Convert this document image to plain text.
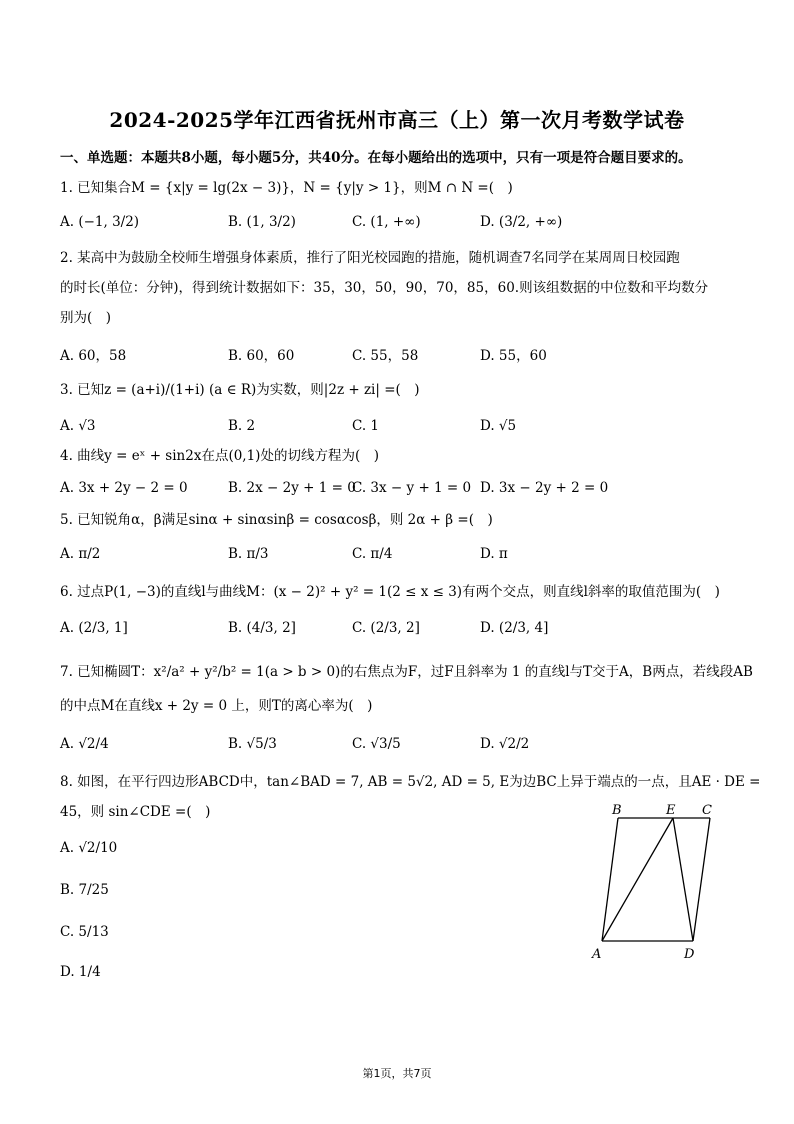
2024-2025学年江西省抚州市高三（上）第一次月考数学试卷
一、单选题：本题共8小题，每小题5分，共40分。在每小题给出的选项中，只有一项是符合题目要求的。
1. 已知集合M = {x|y = lg(2x − 3)}，N = {y|y > 1}，则M ∩ N =(　)
A. (−1, 3/2)	B. (1, 3/2)	C. (1, +∞)	D. (3/2, +∞)
2. 某高中为鼓励全校师生增强身体素质，推行了阳光校园跑的措施，随机调查7名同学在某周周日校园跑
的时长(单位：分钟)，得到统计数据如下：35，30，50，90，70，85，60.则该组数据的中位数和平均数分
别为(　)
A. 60，58	B. 60，60	C. 55，58	D. 55，60
3. 已知z = (a+i)/(1+i) (a ∈ R)为实数，则|2z + zi| =(　)
A. √3	B. 2	C. 1	D. √5
4. 曲线y = eˣ + sin2x在点(0,1)处的切线方程为(　)
A. 3x + 2y − 2 = 0	B. 2x − 2y + 1 = 0
C. 3x − y + 1 = 0 D. 3x − 2y + 2 = 0
5. 已知锐角α，β满足sinα + sinαsinβ = cosαcosβ，则 2α + β =(　)
A. π/2	B. π/3	C. π/4	D. π
6. 过点P(1, −3)的直线l与曲线M：(x − 2)² + y² = 1(2 ≤ x ≤ 3)有两个交点，则直线l斜率的取值范围为(　)
A. (2/3, 1]	B. (4/3, 2]	C. (2/3, 2]	D. (2/3, 4]
7. 已知椭圆T：x²/a² + y²/b² = 1(a > b > 0)的右焦点为F，过F且斜率为 1 的直线l与T交于A，B两点，若线段AB
的中点M在直线x + 2y = 0 上，则T的离心率为(　)
A. √2/4	B. √5/3	C. √3/5	D. √2/2
8. 如图，在平行四边形ABCD中，tan∠BAD = 7, AB = 5√2, AD = 5, E为边BC上异于端点的一点，且AE · DE =
45，则 sin∠CDE =(　)
A. √2/10
B. 7/25
C. 5/13
D. 1/4
B	E C
A	D
第1页，共7页
